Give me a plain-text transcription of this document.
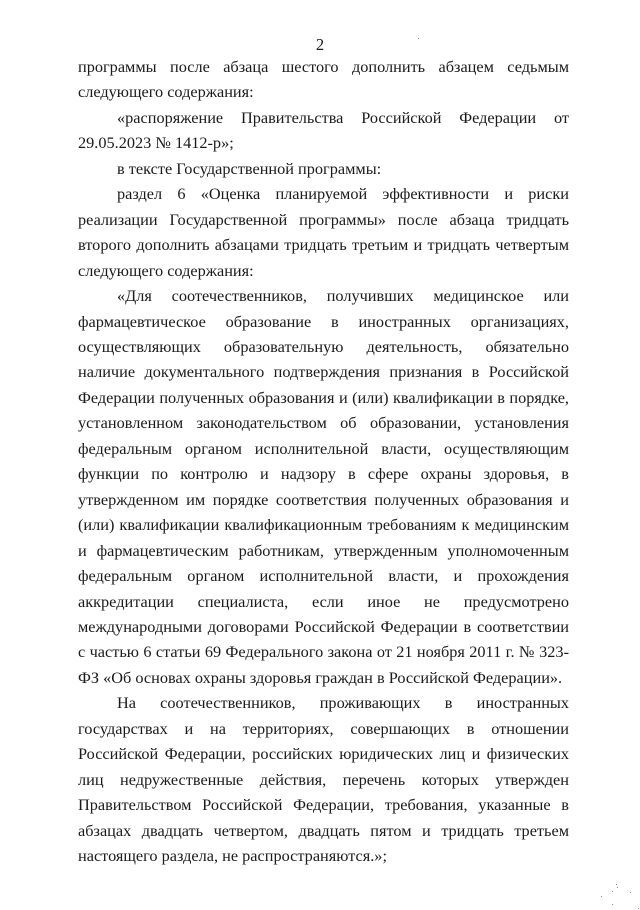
2

программы после абзаца шестого дополнить абзацем седьмым следующего содержания:

«распоряжение Правительства Российской Федерации от 29.05.2023 № 1412-р»;

в тексте Государственной программы:

раздел 6 «Оценка планируемой эффективности и риски реализации Государственной программы» после абзаца тридцать второго дополнить абзацами тридцать третьим и тридцать четвертым следующего содержания:

«Для соотечественников, получивших медицинское или фармацевтическое образование в иностранных организациях, осуществляющих образовательную деятельность, обязательно наличие документального подтверждения признания в Российской Федерации полученных образования и (или) квалификации в порядке, установленном законодательством об образовании, установления федеральным органом исполнительной власти, осуществляющим функции по контролю и надзору в сфере охраны здоровья, в утвержденном им порядке соответствия полученных образования и (или) квалификации квалификационным требованиям к медицинским и фармацевтическим работникам, утвержденным уполномоченным федеральным органом исполнительной власти, и прохождения аккредитации специалиста, если иное не предусмотрено международными договорами Российской Федерации в соответствии с частью 6 статьи 69 Федерального закона от 21 ноября 2011 г. № 323-ФЗ «Об основах охраны здоровья граждан в Российской Федерации».

На соотечественников, проживающих в иностранных государствах и на территориях, совершающих в отношении Российской Федерации, российских юридических лиц и физических лиц недружественные действия, перечень которых утвержден Правительством Российской Федерации, требования, указанные в абзацах двадцать четвертом, двадцать пятом и тридцать третьем настоящего раздела, не распространяются.»;
